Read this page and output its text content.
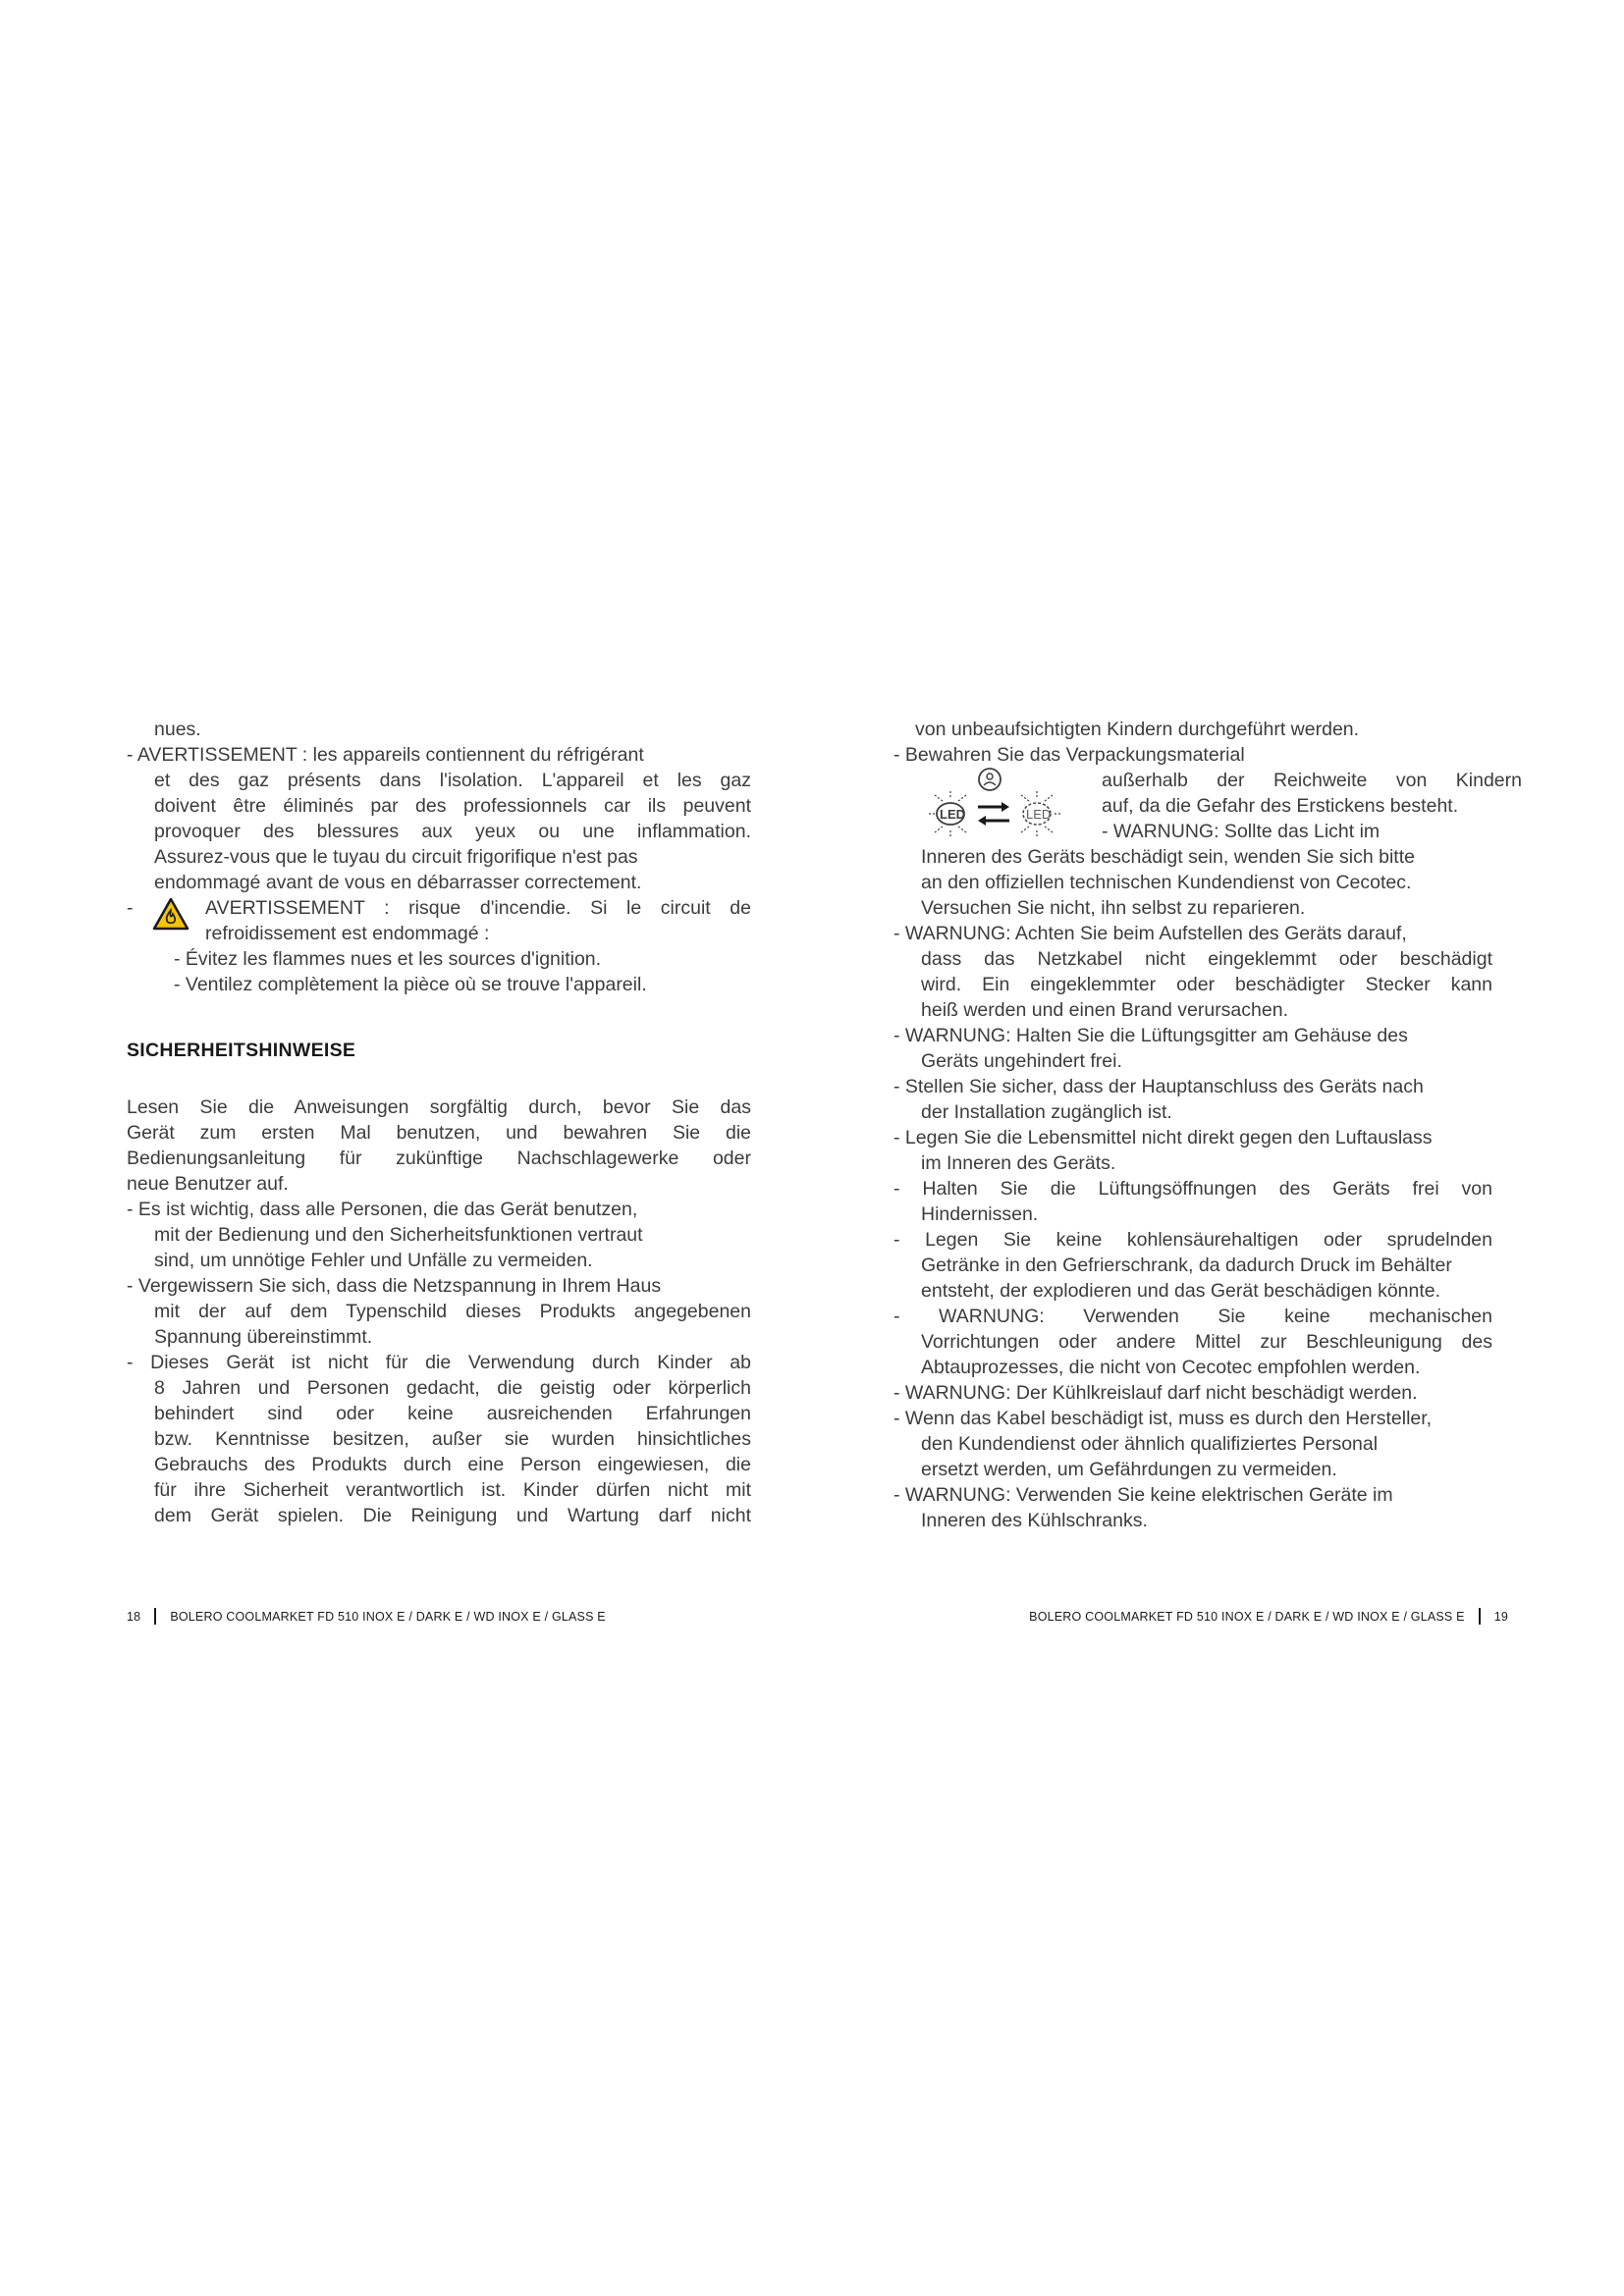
nues.
- AVERTISSEMENT : les appareils contiennent du réfrigérant
et des gaz présents dans l'isolation. L'appareil et les gaz
doivent être éliminés par des professionnels car ils peuvent
provoquer des blessures aux yeux ou une inflammation.
Assurez-vous que le tuyau du circuit frigorifique n'est pas
endommagé avant de vous en débarrasser correctement.
-	AVERTISSEMENT : risque d'incendie. Si le circuit de
refroidissement est endommagé :
- Évitez les flammes nues et les sources d'ignition.
- Ventilez complètement la pièce où se trouve l'appareil.
SICHERHEITSHINWEISE
Lesen Sie die Anweisungen sorgfältig durch, bevor Sie das
Gerät zum ersten Mal benutzen, und bewahren Sie die
Bedienungsanleitung für zukünftige Nachschlagewerke oder
neue Benutzer auf.
- Es ist wichtig, dass alle Personen, die das Gerät benutzen,
mit der Bedienung und den Sicherheitsfunktionen vertraut
sind, um unnötige Fehler und Unfälle zu vermeiden.
- Vergewissern Sie sich, dass die Netzspannung in Ihrem Haus
mit der auf dem Typenschild dieses Produkts angegebenen
Spannung übereinstimmt.
- Dieses Gerät ist nicht für die Verwendung durch Kinder ab
8 Jahren und Personen gedacht, die geistig oder körperlich
behindert sind oder keine ausreichenden Erfahrungen
bzw. Kenntnisse besitzen, außer sie wurden hinsichtliches
Gebrauchs des Produkts durch eine Person eingewiesen, die
für ihre Sicherheit verantwortlich ist. Kinder dürfen nicht mit
dem Gerät spielen. Die Reinigung und Wartung darf nicht
von unbeaufsichtigten Kindern durchgeführt werden.
- Bewahren Sie das Verpackungsmaterial
LED	LED
außerhalb der Reichweite von Kindern
auf, da die Gefahr des Erstickens besteht.
- WARNUNG: Sollte das Licht im
Inneren des Geräts beschädigt sein, wenden Sie sich bitte
an den offiziellen technischen Kundendienst von Cecotec.
Versuchen Sie nicht, ihn selbst zu reparieren.
- WARNUNG: Achten Sie beim Aufstellen des Geräts darauf,
dass das Netzkabel nicht eingeklemmt oder beschädigt
wird. Ein eingeklemmter oder beschädigter Stecker kann
heiß werden und einen Brand verursachen.
- WARNUNG: Halten Sie die Lüftungsgitter am Gehäuse des
Geräts ungehindert frei.
- Stellen Sie sicher, dass der Hauptanschluss des Geräts nach
der Installation zugänglich ist.
- Legen Sie die Lebensmittel nicht direkt gegen den Luftauslass
im Inneren des Geräts.
- Halten Sie die Lüftungsöffnungen des Geräts frei von
Hindernissen.
- Legen Sie keine kohlensäurehaltigen oder sprudelnden
Getränke in den Gefrierschrank, da dadurch Druck im Behälter
entsteht, der explodieren und das Gerät beschädigen könnte.
- WARNUNG: Verwenden Sie keine mechanischen
Vorrichtungen oder andere Mittel zur Beschleunigung des
Abtauprozesses, die nicht von Cecotec empfohlen werden.
- WARNUNG: Der Kühlkreislauf darf nicht beschädigt werden.
- Wenn das Kabel beschädigt ist, muss es durch den Hersteller,
den Kundendienst oder ähnlich qualifiziertes Personal
ersetzt werden, um Gefährdungen zu vermeiden.
- WARNUNG: Verwenden Sie keine elektrischen Geräte im
Inneren des Kühlschranks.
18 BOLERO COOLMARKET FD 510 INOX E / DARK E / WD INOX E / GLASS E	BOLERO COOLMARKET FD 510 INOX E / DARK E / WD INOX E / GLASS E 19
